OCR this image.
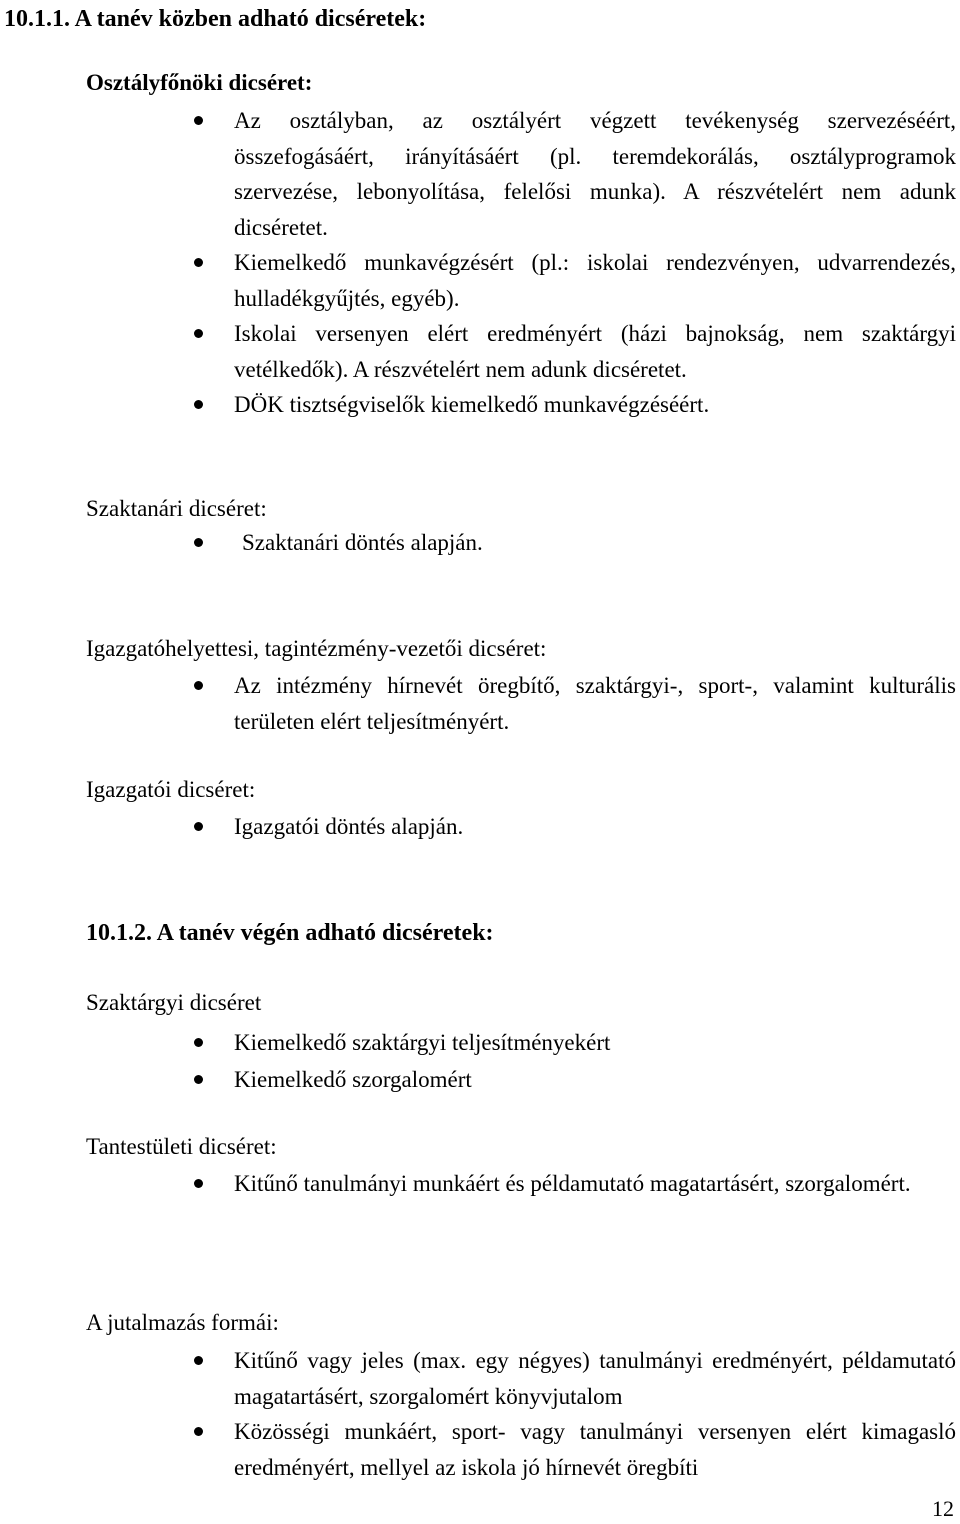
10.1.1. A tanév közben adható dicséretek:
Osztályfőnöki dicséret:
Az osztályban, az osztályért végzett tevékenység szervezéséért, összefogásáért, irányításáért (pl. teremdekorálás, osztályprogramok szervezése, lebonyolítása, felelősi munka). A részvételért nem adunk dicséretet.
Kiemelkedő munkavégzésért (pl.: iskolai rendezvényen, udvarrendezés, hulladékgyűjtés, egyéb).
Iskolai versenyen elért eredményért (házi bajnokság, nem szaktárgyi vetélkedők). A részvételért nem adunk dicséretet.
DÖK tisztségviselők kiemelkedő munkavégzéséért.
Szaktanári dicséret:
Szaktanári döntés alapján.
Igazgatóhelyettesi, tagintézmény-vezetői dicséret:
Az intézmény hírnevét öregbítő, szaktárgyi-, sport-, valamint kulturális területen elért teljesítményért.
Igazgatói dicséret:
Igazgatói döntés alapján.
10.1.2. A tanév végén adható dicséretek:
Szaktárgyi dicséret
Kiemelkedő szaktárgyi teljesítményekért
Kiemelkedő szorgalomért
Tantestületi dicséret:
Kitűnő tanulmányi munkáért és példamutató magatartásért, szorgalomért.
A jutalmazás formái:
Kitűnő vagy jeles (max. egy négyes) tanulmányi eredményért, példamutató magatartásért, szorgalomért könyvjutalom
Közösségi munkáért, sport- vagy tanulmányi versenyen elért kimagasló eredményért, mellyel az iskola jó hírnevét öregbíti
12
